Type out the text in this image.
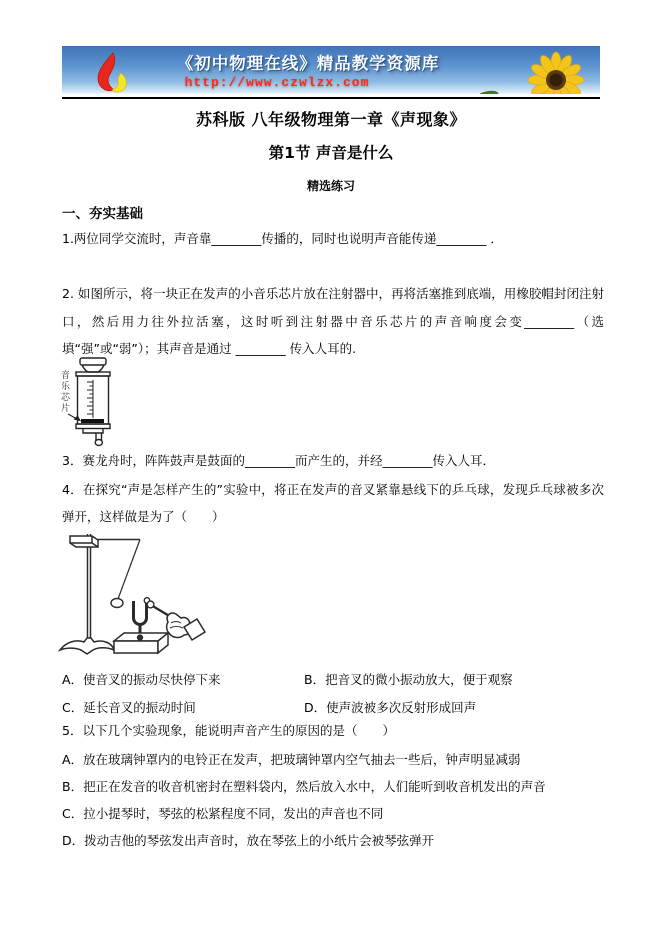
《初中物理在线》精品教学资源库
http://www.czwlzx.com
苏科版 八年级物理第一章《声现象》
第1节 声音是什么
精选练习
一、夯实基础
1.两位同学交流时，声音靠________传播的，同时也说明声音能传递________ ．
2. 如图所示，将一块正在发声的小音乐芯片放在注射器中，再将活塞推到底端，用橡胶帽封闭注射口，然后用力往外拉活塞，这时听到注射器中音乐芯片的声音响度会变________（选填“强”或“弱”）；其声音是通过 ________ 传入人耳的.
音乐芯片
3．赛龙舟时，阵阵鼓声是鼓面的________而产生的，并经________传入人耳．
4．在探究“声是怎样产生的”实验中，将正在发声的音叉紧靠悬线下的乒乓球，发现乒乓球被多次弹开，这样做是为了（　　）
A．使音叉的振动尽快停下来	B．把音叉的微小振动放大，便于观察
C．延长音叉的振动时间	D．使声波被多次反射形成回声
5．以下几个实验现象，能说明声音产生的原因的是（　　）
A．放在玻璃钟罩内的电铃正在发声，把玻璃钟罩内空气抽去一些后，钟声明显减弱
B．把正在发音的收音机密封在塑料袋内，然后放入水中，人们能听到收音机发出的声音
C．拉小提琴时，琴弦的松紧程度不同，发出的声音也不同
D．拨动吉他的琴弦发出声音时，放在琴弦上的小纸片会被琴弦弹开
